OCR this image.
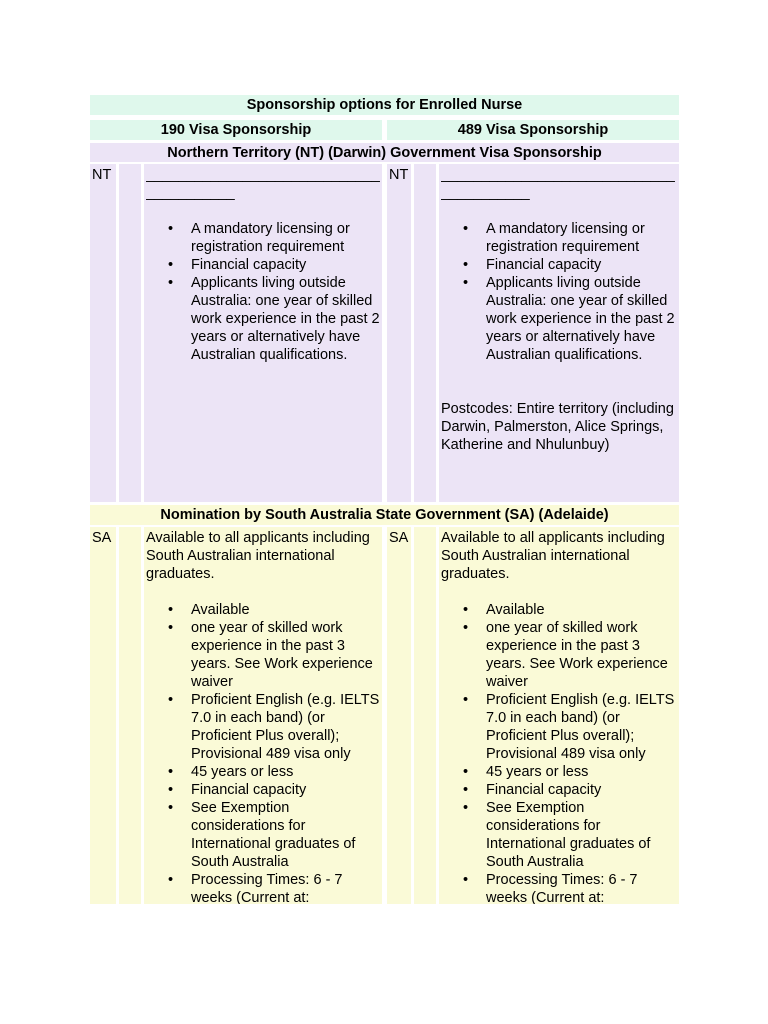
Sponsorship options for Enrolled Nurse
190 Visa Sponsorship	489 Visa Sponsorship
Northern Territory (NT) (Darwin) Government Visa Sponsorship
NT	_____________________________
___________
• A mandatory licensing or registration requirement
• Financial capacity
• Applicants living outside Australia: one year of skilled work experience in the past 2 years or alternatively have Australian qualifications.
NT _____________________________
___________
• A mandatory licensing or registration requirement
• Financial capacity
• Applicants living outside Australia: one year of skilled work experience in the past 2 years or alternatively have Australian qualifications.
Postcodes: Entire territory (including Darwin, Palmerston, Alice Springs, Katherine and Nhulunbuy)
Nomination by South Australia State Government (SA) (Adelaide)
SA	Available to all applicants including South Australian international graduates.
• Available
• one year of skilled work experience in the past 3 years. See Work experience waiver
• Proficient English (e.g. IELTS 7.0 in each band) (or Proficient Plus overall); Provisional 489 visa only
• 45 years or less
• Financial capacity
• See Exemption considerations for International graduates of South Australia
• Processing Times: 6 - 7 weeks (Current at:
SA Available to all applicants including South Australian international graduates.
• Available
• one year of skilled work experience in the past 3 years. See Work experience waiver
• Proficient English (e.g. IELTS 7.0 in each band) (or Proficient Plus overall); Provisional 489 visa only
• 45 years or less
• Financial capacity
• See Exemption considerations for International graduates of South Australia
• Processing Times: 6 - 7 weeks (Current at:
